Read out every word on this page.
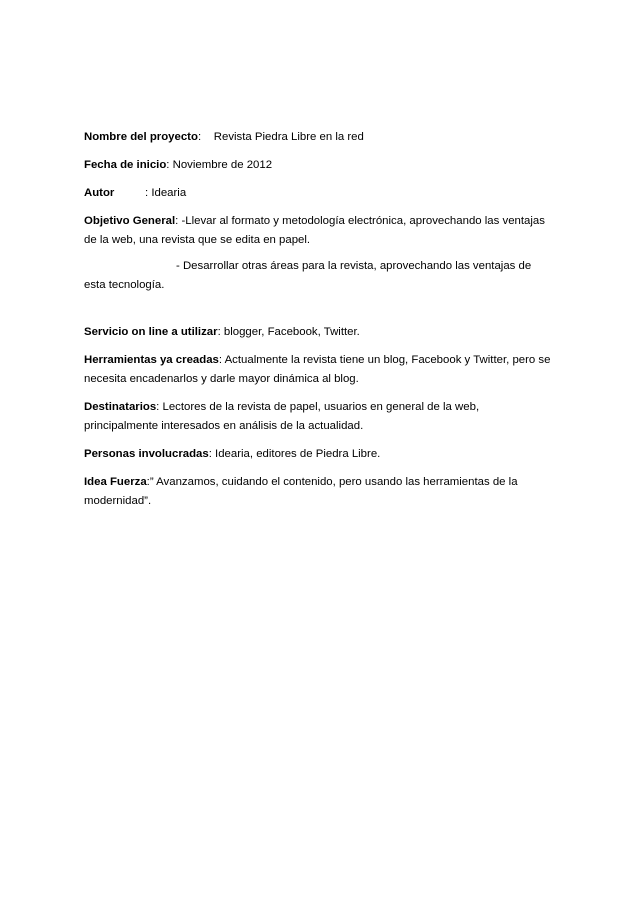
Nombre del proyecto:    Revista Piedra Libre en la red

Fecha de inicio: Noviembre de 2012

Autor	: Idearia

Objetivo General: -Llevar al formato y metodología electrónica, aprovechando las ventajas de la web, una revista que se edita en papel.

- Desarrollar otras áreas para la revista, aprovechando las ventajas de esta tecnología.

Servicio on line a utilizar: blogger, Facebook, Twitter.

Herramientas ya creadas: Actualmente la revista tiene un blog, Facebook y Twitter, pero se necesita encadenarlos y darle mayor dinámica al blog.

Destinatarios: Lectores de la revista de papel, usuarios en general de la web, principalmente interesados en análisis de la actualidad.

Personas involucradas: Idearia, editores de Piedra Libre.

Idea Fuerza:” Avanzamos, cuidando el contenido, pero usando las herramientas de la modernidad”.
